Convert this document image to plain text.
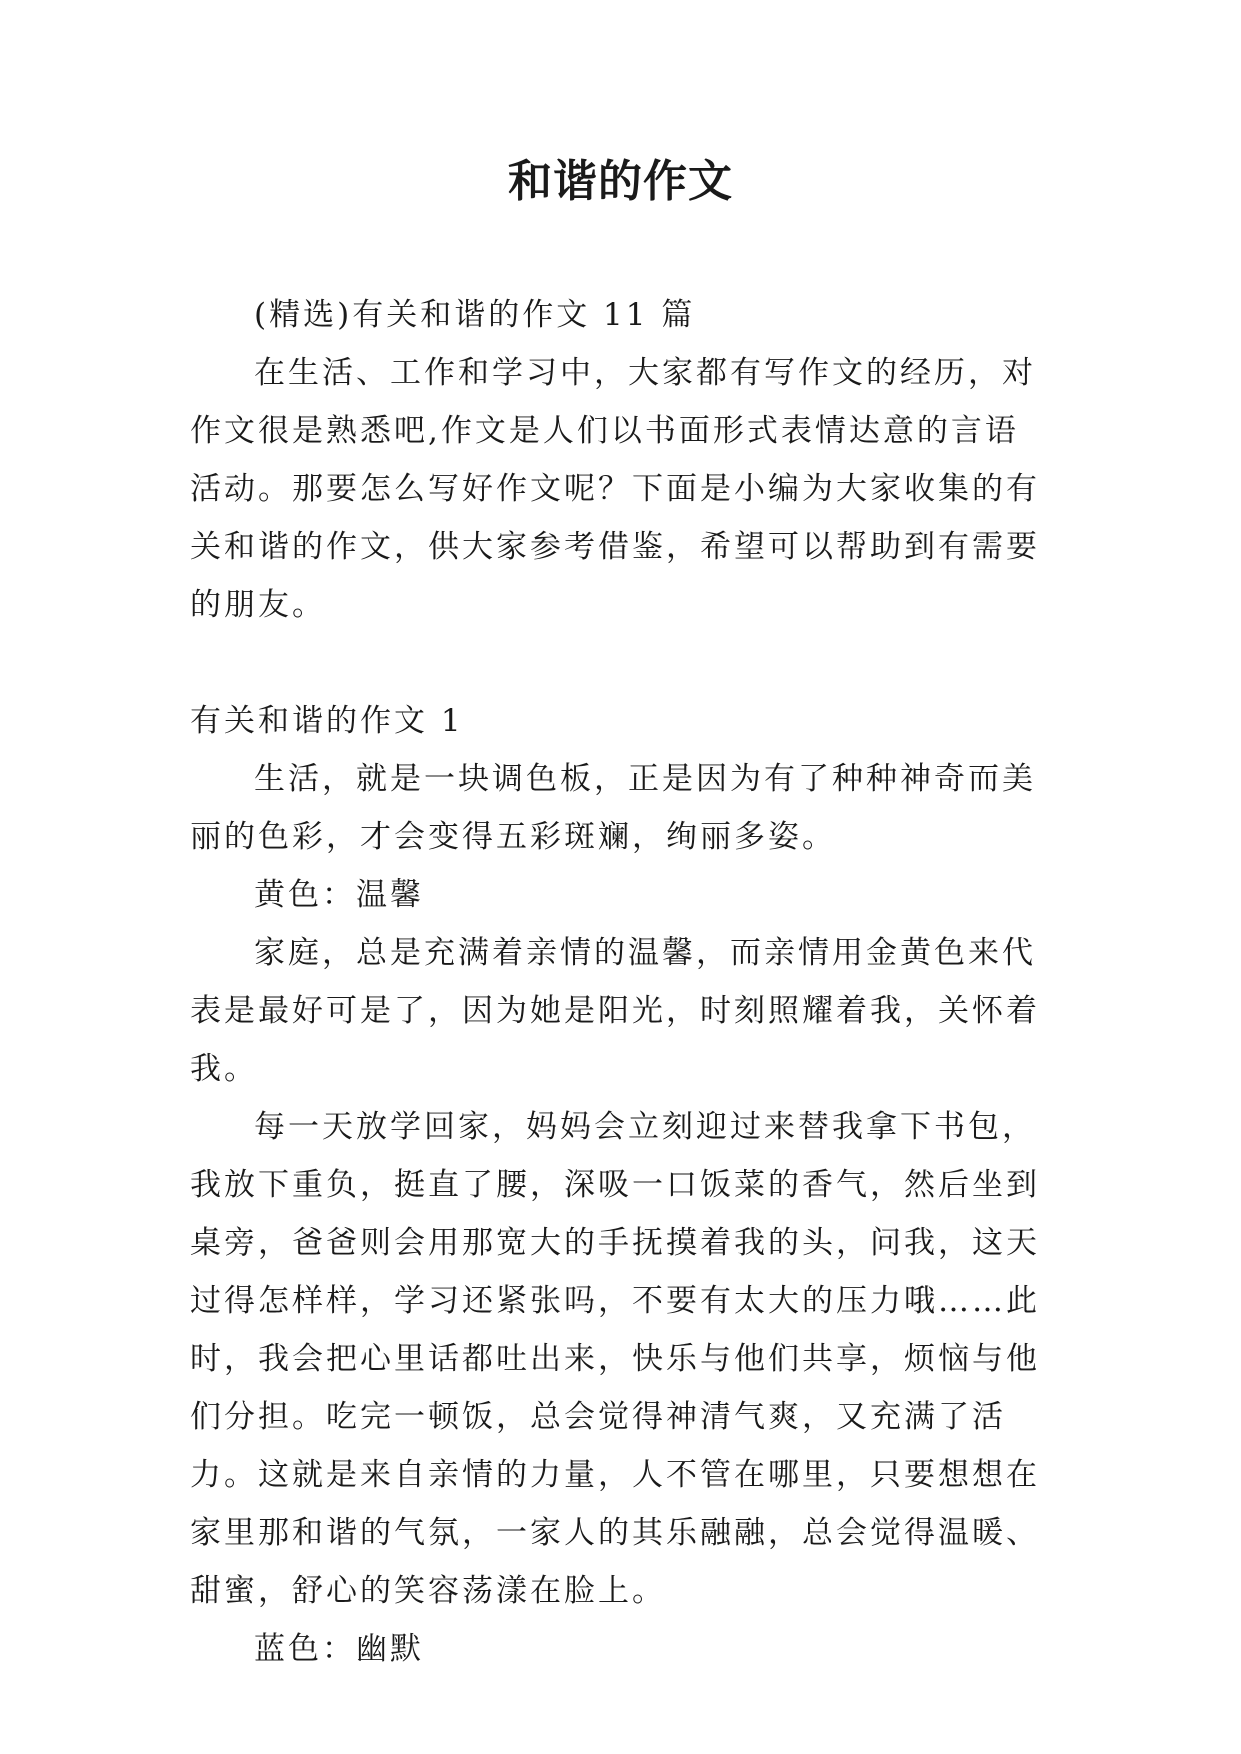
和谐的作文

(精选)有关和谐的作文 11 篇

在生活、工作和学习中，大家都有写作文的经历，对作文很是熟悉吧,作文是人们以书面形式表情达意的言语活动。那要怎么写好作文呢？下面是小编为大家收集的有关和谐的作文，供大家参考借鉴，希望可以帮助到有需要的朋友。

有关和谐的作文 1

生活，就是一块调色板，正是因为有了种种神奇而美丽的色彩，才会变得五彩斑斓，绚丽多姿。

黄色：温馨

家庭，总是充满着亲情的温馨，而亲情用金黄色来代表是最好可是了，因为她是阳光，时刻照耀着我，关怀着我。

每一天放学回家，妈妈会立刻迎过来替我拿下书包，我放下重负，挺直了腰，深吸一口饭菜的香气，然后坐到桌旁，爸爸则会用那宽大的手抚摸着我的头，问我，这天过得怎样样，学习还紧张吗，不要有太大的压力哦……此时，我会把心里话都吐出来，快乐与他们共享，烦恼与他们分担。吃完一顿饭，总会觉得神清气爽，又充满了活力。这就是来自亲情的力量，人不管在哪里，只要想想在家里那和谐的气氛，一家人的其乐融融，总会觉得温暖、甜蜜，舒心的笑容荡漾在脸上。

蓝色：幽默
